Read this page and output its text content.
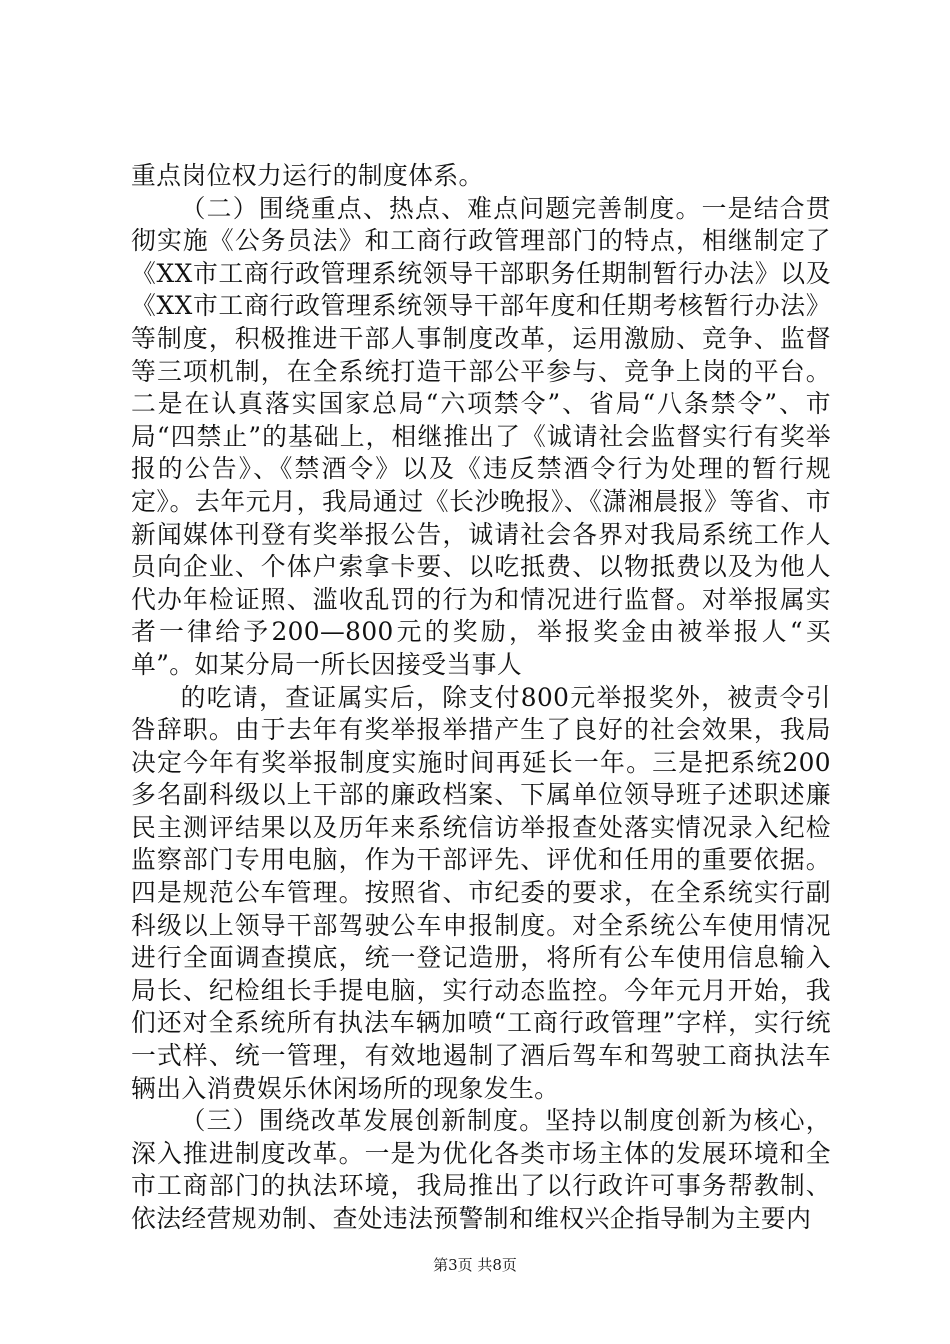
重点岗位权力运行的制度体系。

（二）围绕重点、热点、难点问题完善制度。一是结合贯彻实施《公务员法》和工商行政管理部门的特点，相继制定了《XX市工商行政管理系统领导干部职务任期制暂行办法》以及《XX市工商行政管理系统领导干部年度和任期考核暂行办法》等制度，积极推进干部人事制度改革，运用激励、竞争、监督等三项机制，在全系统打造干部公平参与、竞争上岗的平台。二是在认真落实国家总局“六项禁令”、省局“八条禁令”、市局“四禁止”的基础上，相继推出了《诚请社会监督实行有奖举报的公告》、《禁酒令》以及《违反禁酒令行为处理的暂行规定》。去年元月，我局通过《长沙晚报》、《潇湘晨报》等省、市新闻媒体刊登有奖举报公告，诚请社会各界对我局系统工作人员向企业、个体户索拿卡要、以吃抵费、以物抵费以及为他人代办年检证照、滥收乱罚的行为和情况进行监督。对举报属实者一律给予200—800元的奖励，举报奖金由被举报人“买单”。如某分局一所长因接受当事人

的吃请，查证属实后，除支付800元举报奖外，被责令引咎辞职。由于去年有奖举报举措产生了良好的社会效果，我局决定今年有奖举报制度实施时间再延长一年。三是把系统200多名副科级以上干部的廉政档案、下属单位领导班子述职述廉民主测评结果以及历年来系统信访举报查处落实情况录入纪检监察部门专用电脑，作为干部评先、评优和任用的重要依据。四是规范公车管理。按照省、市纪委的要求，在全系统实行副科级以上领导干部驾驶公车申报制度。对全系统公车使用情况进行全面调查摸底，统一登记造册，将所有公车使用信息输入局长、纪检组长手提电脑，实行动态监控。今年元月开始，我们还对全系统所有执法车辆加喷“工商行政管理”字样，实行统一式样、统一管理，有效地遏制了酒后驾车和驾驶工商执法车辆出入消费娱乐休闲场所的现象发生。

（三）围绕改革发展创新制度。坚持以制度创新为核心，深入推进制度改革。一是为优化各类市场主体的发展环境和全市工商部门的执法环境，我局推出了以行政许可事务帮教制、依法经营规劝制、查处违法预警制和维权兴企指导制为主要内

第3页 共8页
